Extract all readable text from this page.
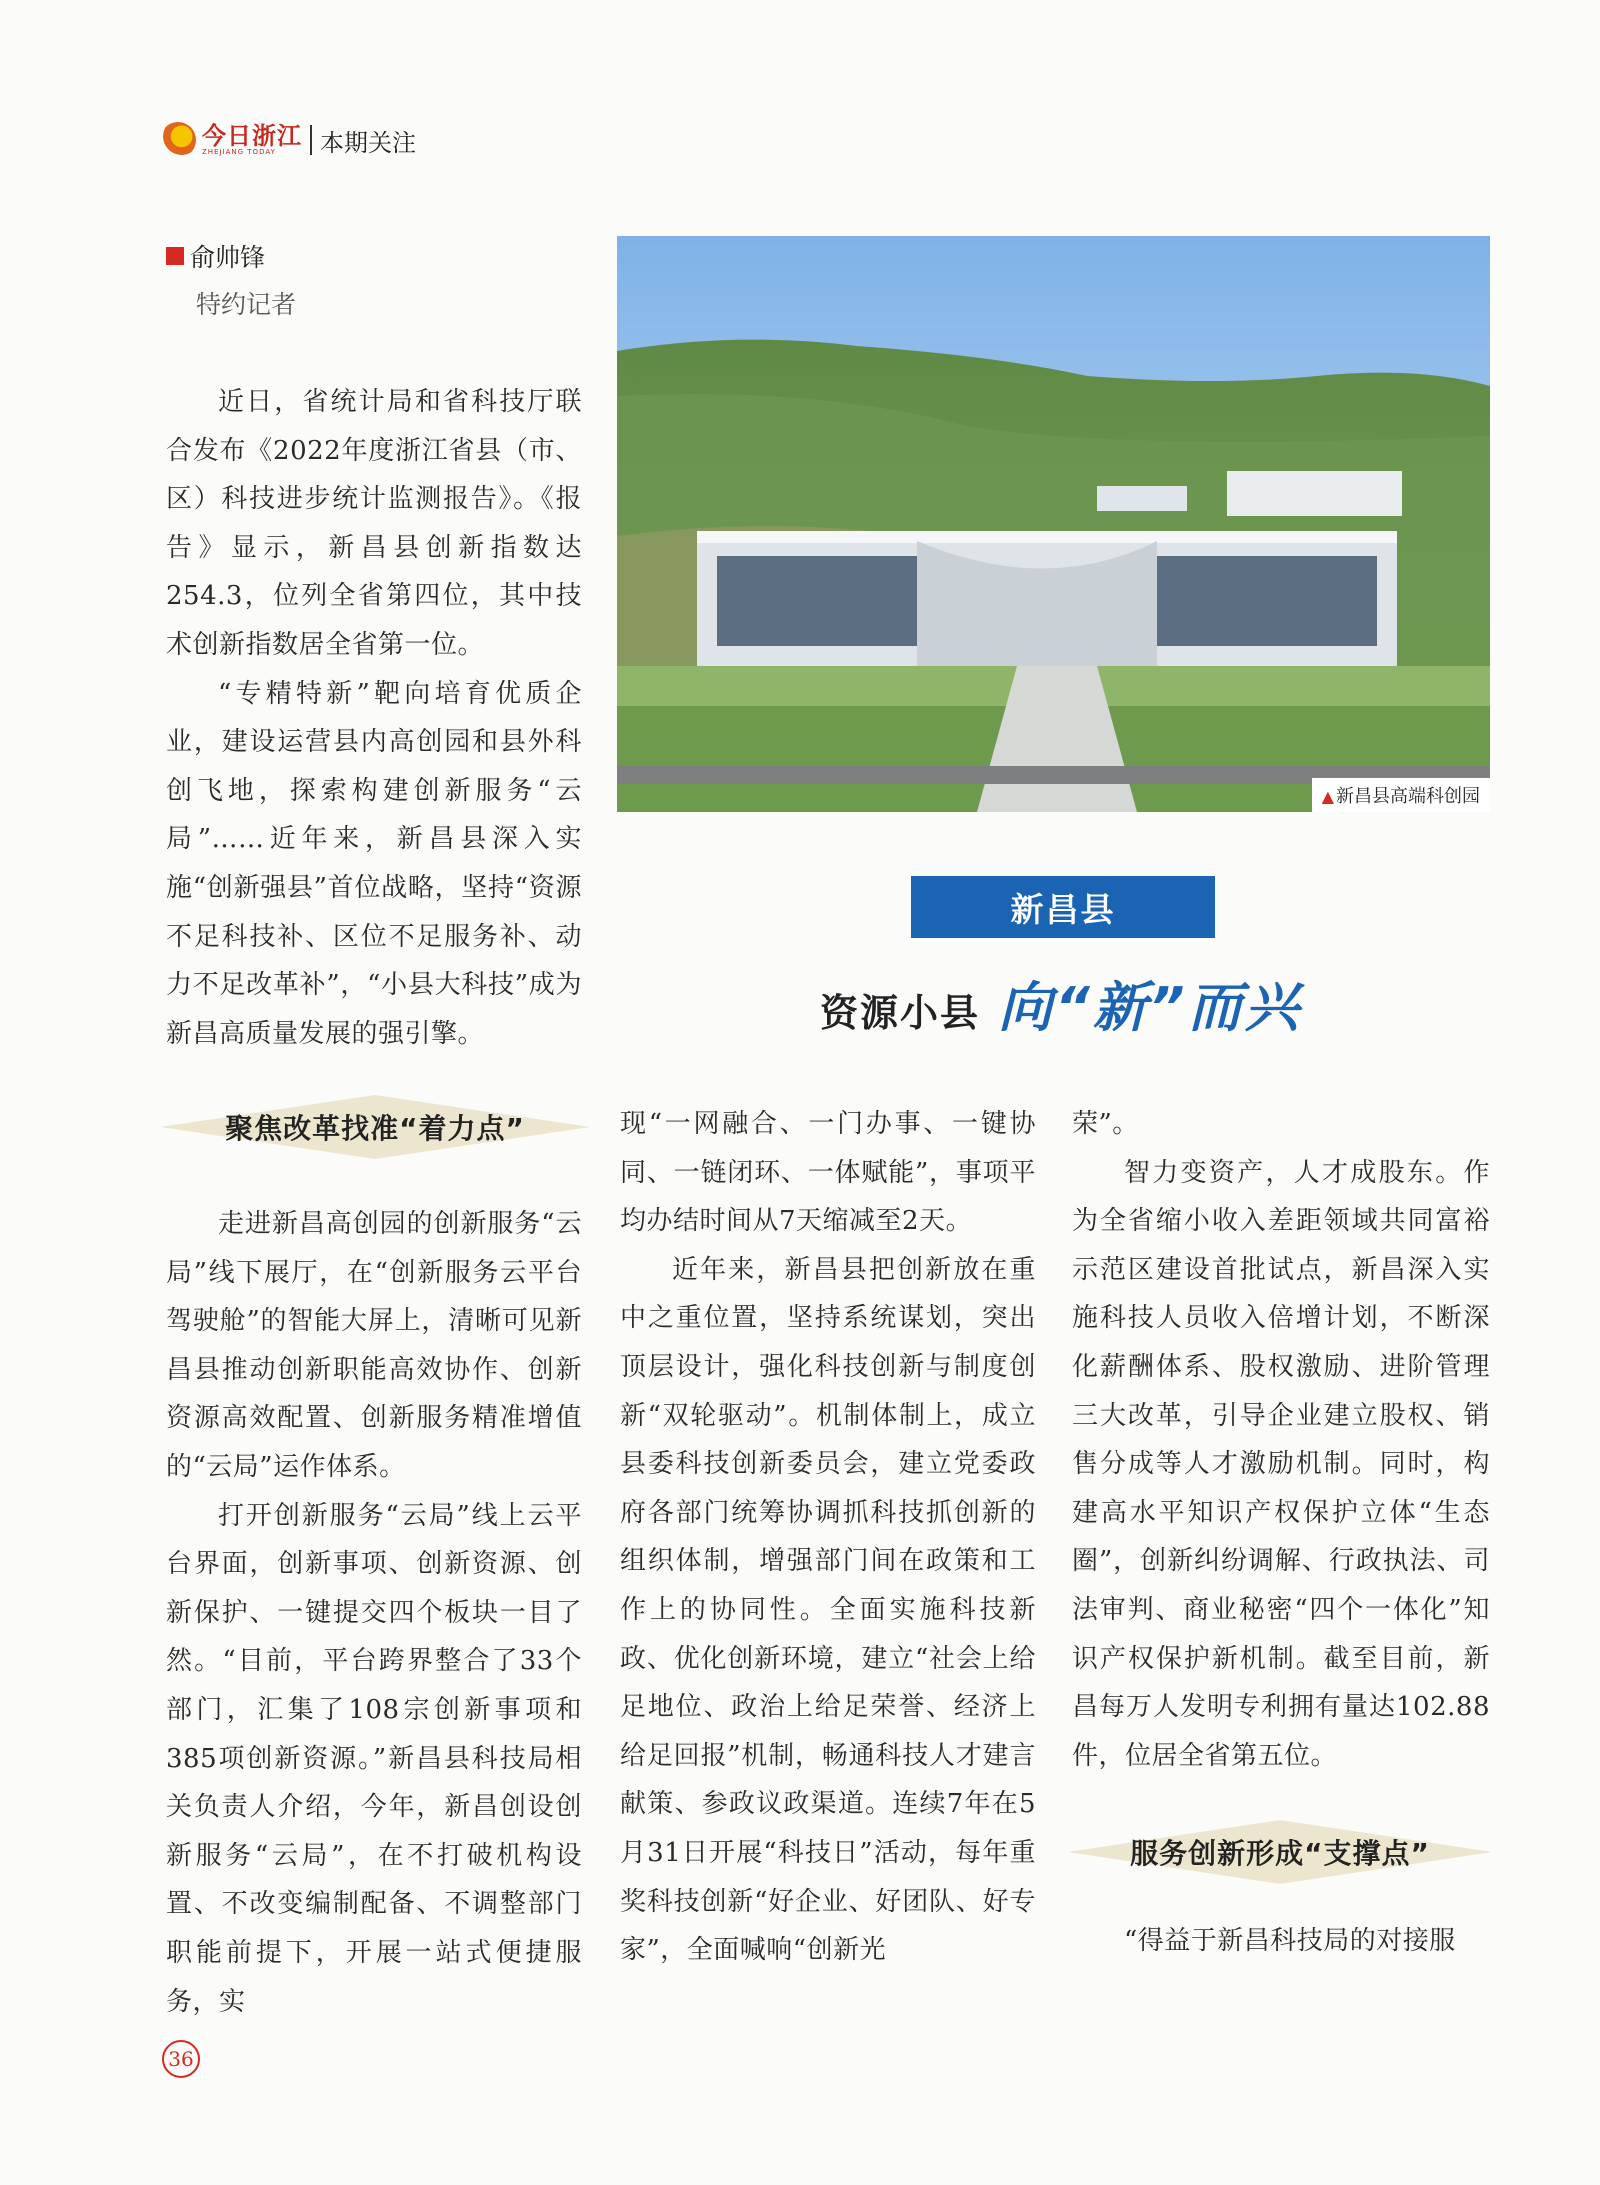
今日浙江
ZHEJIANG TODAY	本期关注
俞帅锋
特约记者

近日，省统计局和省科技厅联合发布《2022年度浙江省县（市、区）科技进步统计监测报告》。《报告》显示，新昌县创新指数达254.3，位列全省第四位，其中技术创新指数居全省第一位。

“专精特新”靶向培育优质企业，建设运营县内高创园和县外科创飞地，探索构建创新服务“云局”……近年来，新昌县深入实施“创新强县”首位战略，坚持“资源不足科技补、区位不足服务补、动力不足改革补”，“小县大科技”成为新昌高质量发展的强引擎。

▲ 新昌县高端科创园
新昌县
资源小县 向“新”而兴
聚焦改革找准“着力点”

走进新昌高创园的创新服务“云局”线下展厅，在“创新服务云平台驾驶舱”的智能大屏上，清晰可见新昌县推动创新职能高效协作、创新资源高效配置、创新服务精准增值的“云局”运作体系。

打开创新服务“云局”线上云平台界面，创新事项、创新资源、创新保护、一键提交四个板块一目了然。“目前，平台跨界整合了33个部门，汇集了108宗创新事项和385项创新资源。”新昌县科技局相关负责人介绍，今年，新昌创设创新服务“云局”，在不打破机构设置、不改变编制配备、不调整部门职能前提下，开展一站式便捷服务，实

现“一网融合、一门办事、一键协同、一链闭环、一体赋能”，事项平均办结时间从7天缩减至2天。

近年来，新昌县把创新放在重中之重位置，坚持系统谋划，突出顶层设计，强化科技创新与制度创新“双轮驱动”。机制体制上，成立县委科技创新委员会，建立党委政府各部门统筹协调抓科技抓创新的组织体制，增强部门间在政策和工作上的协同性。全面实施科技新政、优化创新环境，建立“社会上给足地位、政治上给足荣誉、经济上给足回报”机制，畅通科技人才建言献策、参政议政渠道。连续7年在5月31日开展“科技日”活动，每年重奖科技创新“好企业、好团队、好专家”，全面喊响“创新光

荣”。

智力变资产，人才成股东。作为全省缩小收入差距领域共同富裕示范区建设首批试点，新昌深入实施科技人员收入倍增计划，不断深化薪酬体系、股权激励、进阶管理三大改革，引导企业建立股权、销售分成等人才激励机制。同时，构建高水平知识产权保护立体“生态圈”，创新纠纷调解、行政执法、司法审判、商业秘密“四个一体化”知识产权保护新机制。截至目前，新昌每万人发明专利拥有量达102.88件，位居全省第五位。

服务创新形成“支撑点”

“得益于新昌科技局的对接服

36
